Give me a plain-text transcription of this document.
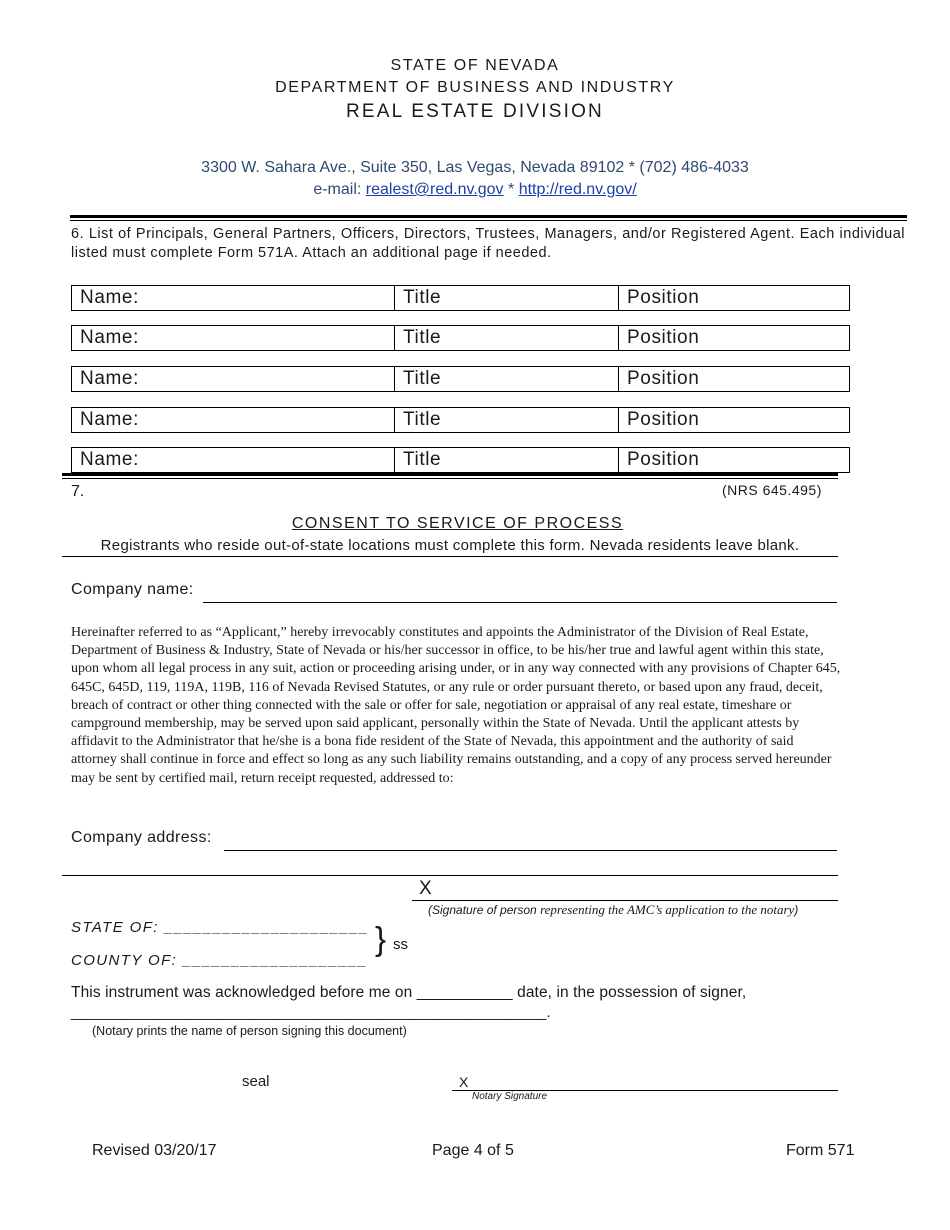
STATE OF NEVADA
DEPARTMENT OF BUSINESS AND INDUSTRY
REAL ESTATE DIVISION
3300 W. Sahara Ave., Suite 350, Las Vegas, Nevada 89102 * (702) 486-4033
e-mail: realest@red.nv.gov * http://red.nv.gov/
6. List of Principals, General Partners, Officers, Directors, Trustees, Managers, and/or Registered Agent. Each individual listed must complete Form 571A. Attach an additional page if needed.
Name:	Title	Position
Name:	Title	Position
Name:	Title	Position
Name:	Title	Position
Name:	Title	Position
7.	(NRS 645.495)
CONSENT TO SERVICE OF PROCESS
Registrants who reside out-of-state locations must complete this form. Nevada residents leave blank.
Company name:
Hereinafter referred to as “Applicant,” hereby irrevocably constitutes and appoints the Administrator of the Division of Real Estate, Department of Business & Industry, State of Nevada or his/her successor in office, to be his/her true and lawful agent within this state, upon whom all legal process in any suit, action or proceeding arising under, or in any way connected with any provisions of Chapter 645, 645C, 645D, 119, 119A, 119B, 116 of Nevada Revised Statutes, or any rule or order pursuant thereto, or based upon any fraud, deceit, breach of contract or other thing connected with the sale or offer for sale, negotiation or appraisal of any real estate, timeshare or campground membership, may be served upon said applicant, personally within the State of Nevada. Until the applicant attests by affidavit to the Administrator that he/she is a bona fide resident of the State of Nevada, this appointment and the authority of said attorney shall continue in force and effect so long as any such liability remains outstanding, and a copy of any process served hereunder may be sent by certified mail, return receipt requested, addressed to:
Company address:
X
(Signature of person representing the AMC’s application to the notary)
STATE OF: _____________________ } ss
COUNTY OF: ___________________
This instrument was acknowledged before me on ___________ date, in the possession of signer,
_________________________________________________________.
(Notary prints the name of person signing this document)
seal	X
Notary Signature
Revised 03/20/17	Page 4 of 5	Form 571
